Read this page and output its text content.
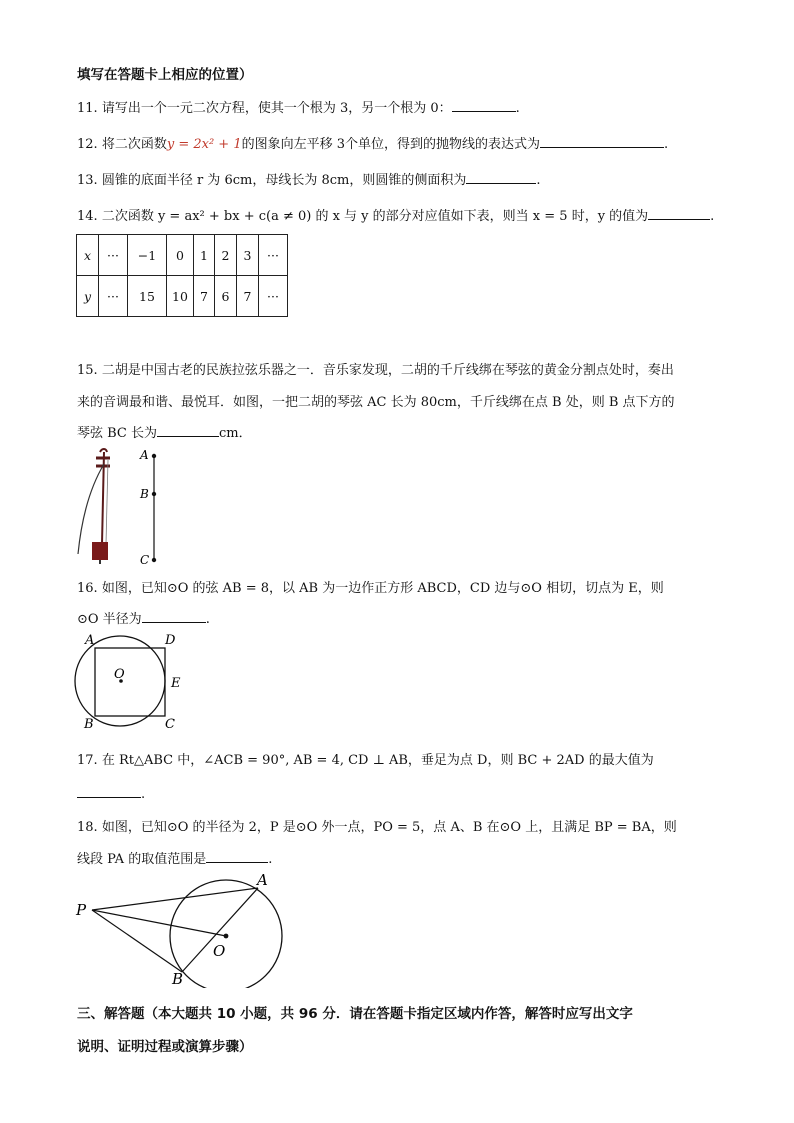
填写在答题卡上相应的位置）
11. 请写出一个一元二次方程，使其一个根为 3，另一个根为 0：	.
12. 将二次函数y = 2x² + 1的图象向左平移 3个单位，得到的抛物线的表达式为	.
13. 圆锥的底面半径 r 为 6cm，母线长为 8cm，则圆锥的侧面积为	.
14. 二次函数 y = ax² + bx + c(a ≠ 0) 的 x 与 y 的部分对应值如下表，则当 x = 5 时，y 的值为	.
x	···	−1	0	1	2	3	···
y	···	15	10	7	6	7	···
15. 二胡是中国古老的民族拉弦乐器之一．音乐家发现，二胡的千斤线绑在琴弦的黄金分割点处时，奏出
来的音调最和谐、最悦耳．如图，一把二胡的琴弦 AC 长为 80cm，千斤线绑在点 B 处，则 B 点下方的
琴弦 BC 长为	cm．
A
B
C
16. 如图，已知⊙O 的弦 AB = 8，以 AB 为一边作正方形 ABCD，CD 边与⊙O 相切，切点为 E，则
⊙O 半径为	.
A	D
E
O
B	C
17. 在 Rt△ABC 中，∠ACB = 90°, AB = 4, CD ⊥ AB，垂足为点 D，则 BC + 2AD 的最大值为
.
18. 如图，已知⊙O 的半径为 2，P 是⊙O 外一点，PO = 5，点 A、B 在⊙O 上，且满足 BP = BA，则
线段 PA 的取值范围是	.
P
A
B
O
三、解答题（本大题共 10 小题，共 96 分．请在答题卡指定区域内作答，解答时应写出文字
说明、证明过程或演算步骤）
